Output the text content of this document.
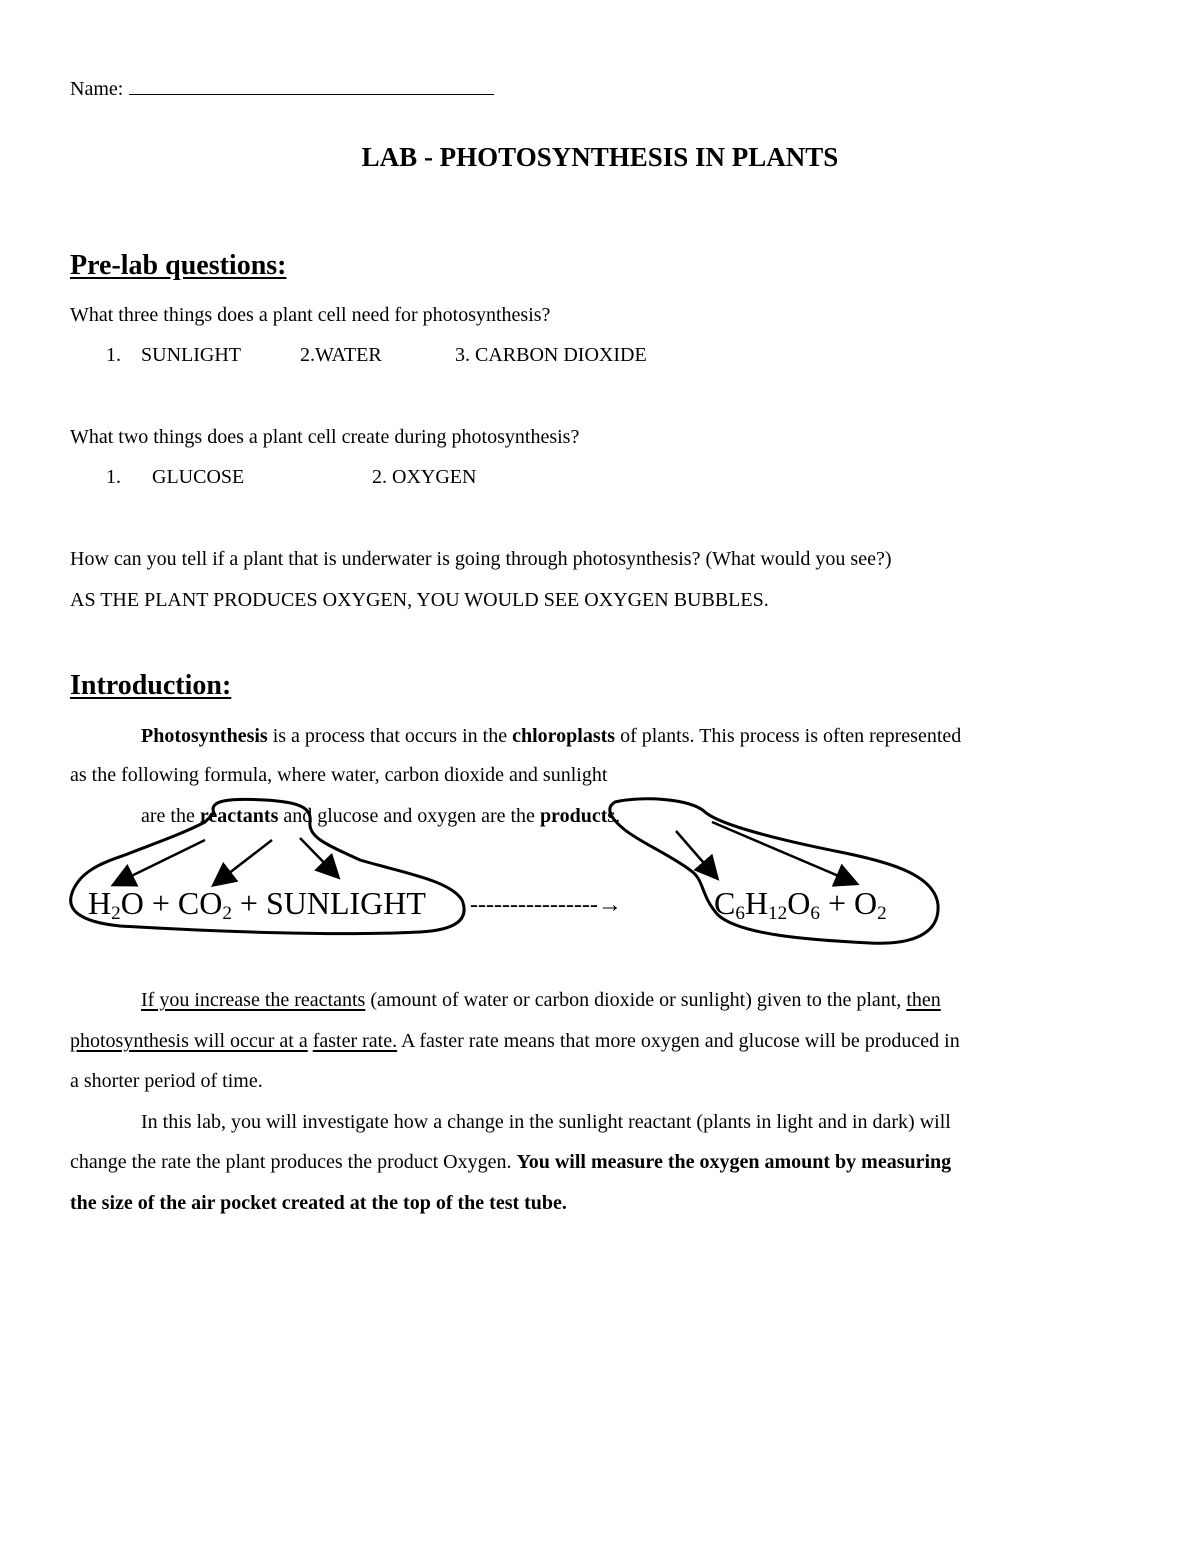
Name:
LAB - PHOTOSYNTHESIS IN PLANTS
Pre-lab questions:
What three things does a plant cell need for photosynthesis?
1. SUNLIGHT	2.WATER	3. CARBON DIOXIDE
What two things does a plant cell create during photosynthesis?
1. GLUCOSE	2. OXYGEN
How can you tell if a plant that is underwater is going through photosynthesis? (What would you see?)
AS THE PLANT PRODUCES OXYGEN, YOU WOULD SEE OXYGEN BUBBLES.
Introduction:
Photosynthesis is a process that occurs in the chloroplasts of plants. This process is often represented
as the following formula, where water, carbon dioxide and sunlight
are the reactants and glucose and oxygen are the products.
$H_2O + CO_2$ + SUNLIGHT ----------------→	$C_6H_{12}O_6 + O_2$
If you increase the reactants (amount of water or carbon dioxide or sunlight) given to the plant, then
photosynthesis will occur at a faster rate. A faster rate means that more oxygen and glucose will be produced in
a shorter period of time.
In this lab, you will investigate how a change in the sunlight reactant (plants in light and in dark) will
change the rate the plant produces the product Oxygen. You will measure the oxygen amount by measuring
the size of the air pocket created at the top of the test tube.
